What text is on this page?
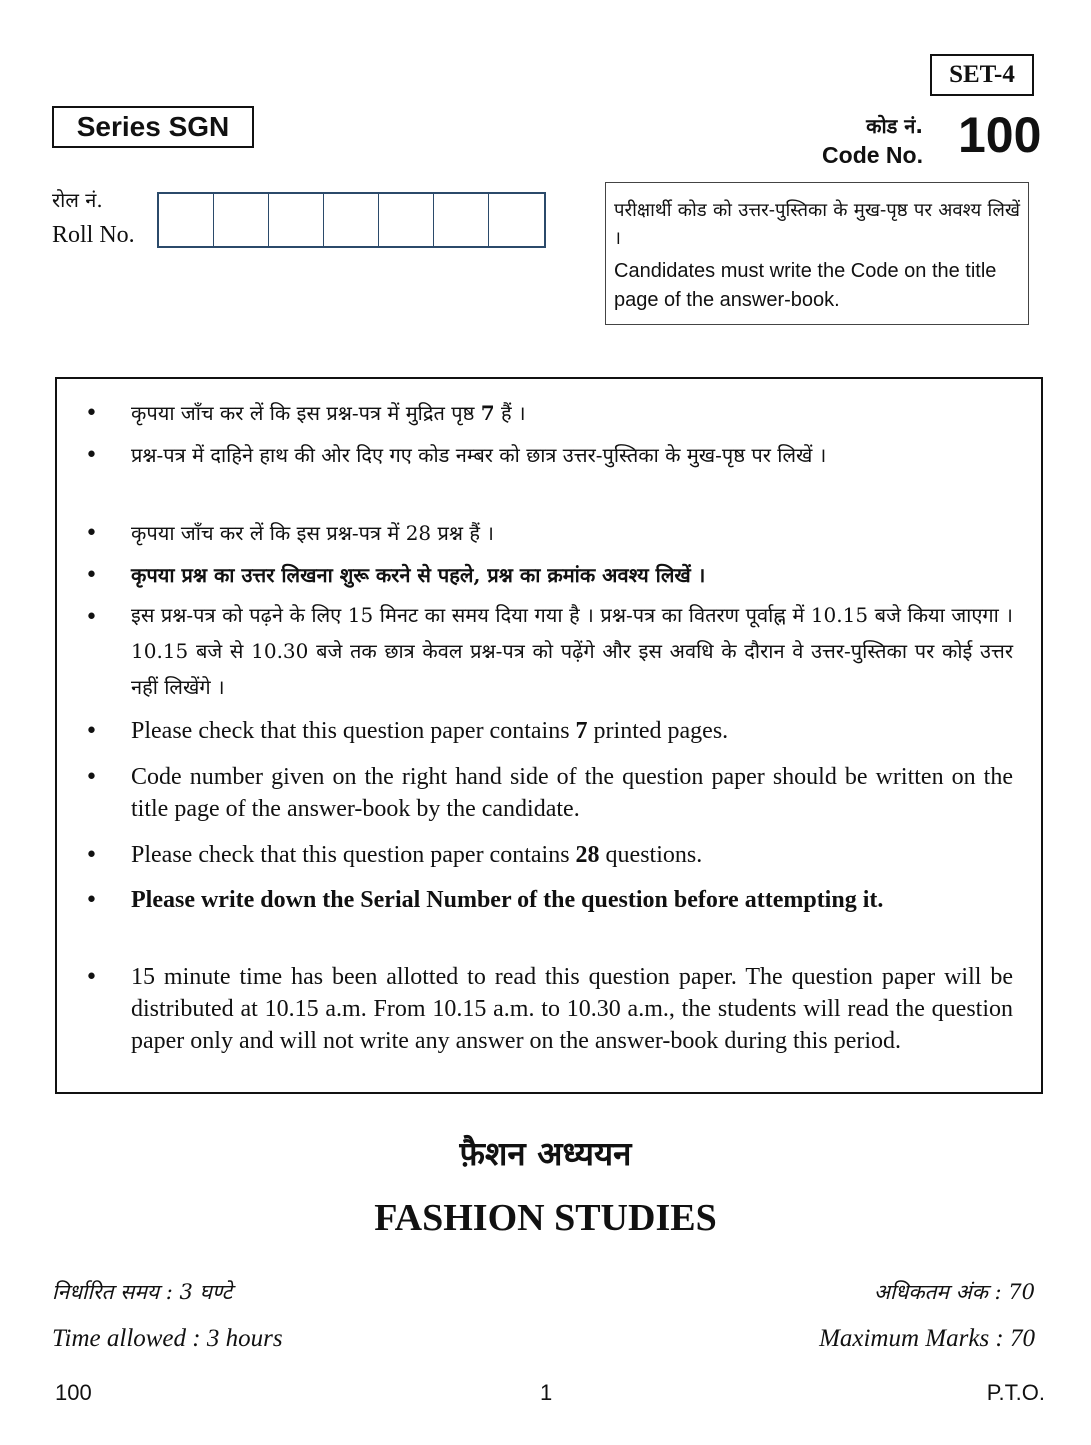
SET-4
Series SGN	कोड नं.
Code No. 100
रोल नं.
Roll No.
परीक्षार्थी कोड को उत्तर-पुस्तिका के मुख-पृष्ठ पर अवश्य लिखें ।
Candidates must write the Code on the title page of the answer-book.
• कृपया जाँच कर लें कि इस प्रश्न-पत्र में मुद्रित पृष्ठ 7 हैं ।
• प्रश्न-पत्र में दाहिने हाथ की ओर दिए गए कोड नम्बर को छात्र उत्तर-पुस्तिका के मुख-पृष्ठ पर लिखें ।
• कृपया जाँच कर लें कि इस प्रश्न-पत्र में 28 प्रश्न हैं ।
• कृपया प्रश्न का उत्तर लिखना शुरू करने से पहले, प्रश्न का क्रमांक अवश्य लिखें ।
• इस प्रश्न-पत्र को पढ़ने के लिए 15 मिनट का समय दिया गया है । प्रश्न-पत्र का वितरण पूर्वाह्न में 10.15 बजे किया जाएगा । 10.15 बजे से 10.30 बजे तक छात्र केवल प्रश्न-पत्र को पढ़ेंगे और इस अवधि के दौरान वे उत्तर-पुस्तिका पर कोई उत्तर नहीं लिखेंगे ।
• Please check that this question paper contains 7 printed pages.
• Code number given on the right hand side of the question paper should be written on the title page of the answer-book by the candidate.
• Please check that this question paper contains 28 questions.
• Please write down the Serial Number of the question before attempting it.
• 15 minute time has been allotted to read this question paper. The question paper will be distributed at 10.15 a.m. From 10.15 a.m. to 10.30 a.m., the students will read the question paper only and will not write any answer on the answer-book during this period.
फ़ैशन अध्ययन
FASHION STUDIES
निर्धारित समय : 3 घण्टे
Time allowed : 3 hours
अधिकतम अंक : 70
Maximum Marks : 70
100	1	P.T.O.
